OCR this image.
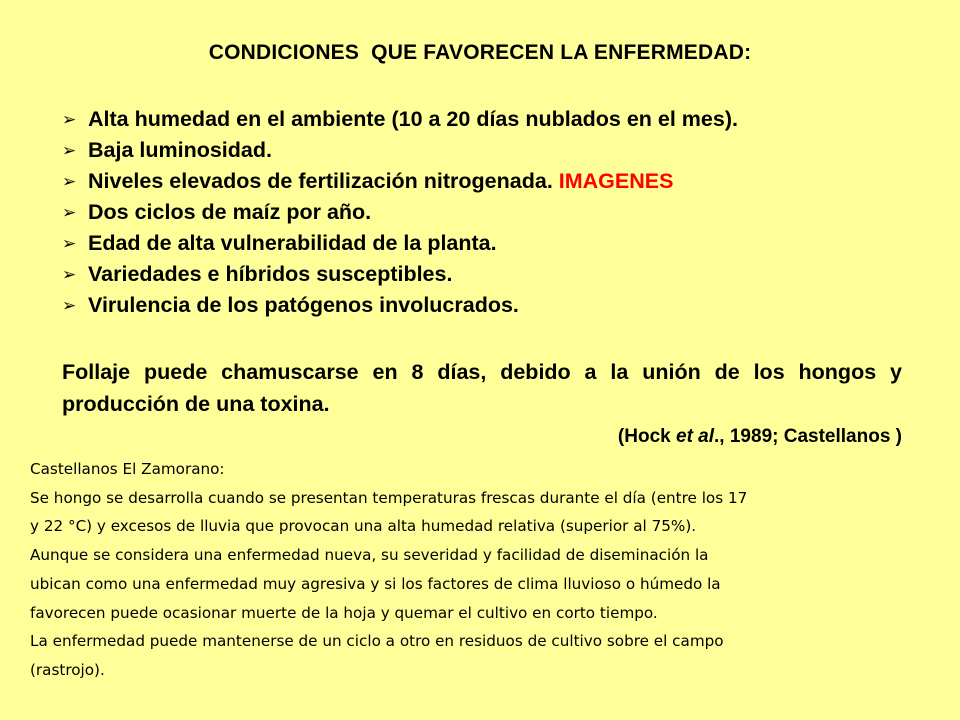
CONDICIONES  QUE FAVORECEN LA ENFERMEDAD:
➢ Alta humedad en el ambiente (10 a 20 días nublados en el mes).
➢ Baja luminosidad.
➢ Niveles elevados de fertilización nitrogenada. IMAGENES
➢ Dos ciclos de maíz por año.
➢ Edad de alta vulnerabilidad de la planta.
➢ Variedades e híbridos susceptibles.
➢ Virulencia de los patógenos involucrados.

Follaje puede chamuscarse en 8 días, debido a la unión de los hongos y producción de una toxina.

(Hock et al., 1989; Castellanos )
Castellanos El Zamorano:
Se hongo se desarrolla cuando se presentan temperaturas frescas durante el día (entre los 17
y 22 °C) y excesos de lluvia que provocan una alta humedad relativa (superior al 75%).
Aunque se considera una enfermedad nueva, su severidad y facilidad de diseminación la
ubican como una enfermedad muy agresiva y si los factores de clima lluvioso o húmedo la
favorecen puede ocasionar muerte de la hoja y quemar el cultivo en corto tiempo.
La enfermedad puede mantenerse de un ciclo a otro en residuos de cultivo sobre el campo
(rastrojo).
